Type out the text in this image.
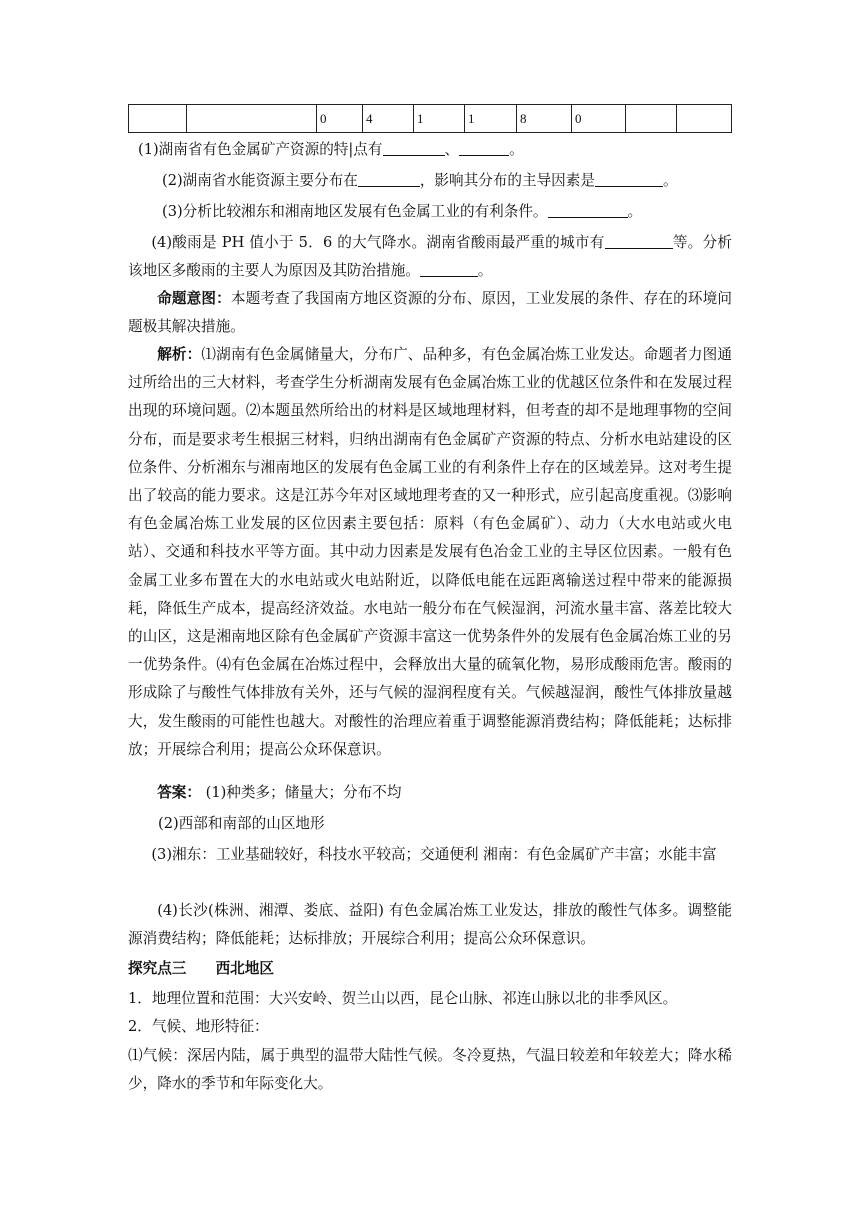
		0	4	1	1	8	0		
(1)湖南省有色金属矿产资源的特|点有	、	。
(2)湖南省水能资源主要分布在	，影响其分布的主导因素是	。
(3)分析比较湘东和湘南地区发展有色金属工业的有利条件。	。
(4)酸雨是 PH 值小于 5．6 的大气降水。湖南省酸雨最严重的城市有	等。分析该地区多酸雨的主要人为原因及其防治措施。	。
命题意图：本题考查了我国南方地区资源的分布、原因，工业发展的条件、存在的环境问题极其解决措施。
解析：⑴湖南有色金属储量大，分布广、品种多，有色金属冶炼工业发达。命题者力图通过所给出的三大材料，考查学生分析湖南发展有色金属冶炼工业的优越区位条件和在发展过程出现的环境问题。⑵本题虽然所给出的材料是区域地理材料，但考查的却不是地理事物的空间分布，而是要求考生根据三材料，归纳出湖南有色金属矿产资源的特点、分析水电站建设的区位条件、分析湘东与湘南地区的发展有色金属工业的有利条件上存在的区域差异。这对考生提出了较高的能力要求。这是江苏今年对区域地理考查的又一种形式，应引起高度重视。⑶影响有色金属冶炼工业发展的区位因素主要包括：原料（有色金属矿）、动力（大水电站或火电站）、交通和科技水平等方面。其中动力因素是发展有色冶金工业的主导区位因素。一般有色金属工业多布置在大的水电站或火电站附近，以降低电能在远距离输送过程中带来的能源损耗，降低生产成本，提高经济效益。水电站一般分布在气候湿润，河流水量丰富、落差比较大的山区，这是湘南地区除有色金属矿产资源丰富这一优势条件外的发展有色金属冶炼工业的另一优势条件。⑷有色金属在冶炼过程中，会释放出大量的硫氧化物，易形成酸雨危害。酸雨的形成除了与酸性气体排放有关外，还与气候的湿润程度有关。气候越湿润，酸性气体排放量越大，发生酸雨的可能性也越大。对酸性的治理应着重于调整能源消费结构；降低能耗；达标排放；开展综合利用；提高公众环保意识。
答案： (1)种类多；储量大；分布不均
(2)西部和南部的山区地形
(3)湘东：工业基础较好，科技水平较高；交通便利 湘南：有色金属矿产丰富；水能丰富
(4)长沙(株洲、湘潭、娄底、益阳) 有色金属冶炼工业发达，排放的酸性气体多。调整能源消费结构；降低能耗；达标排放；开展综合利用；提高公众环保意识。
探究点三　　西北地区
1．地理位置和范围：大兴安岭、贺兰山以西，昆仑山脉、祁连山脉以北的非季风区。
2．气候、地形特征：
⑴气候：深居内陆，属于典型的温带大陆性气候。冬冷夏热，气温日较差和年较差大；降水稀少，降水的季节和年际变化大。
